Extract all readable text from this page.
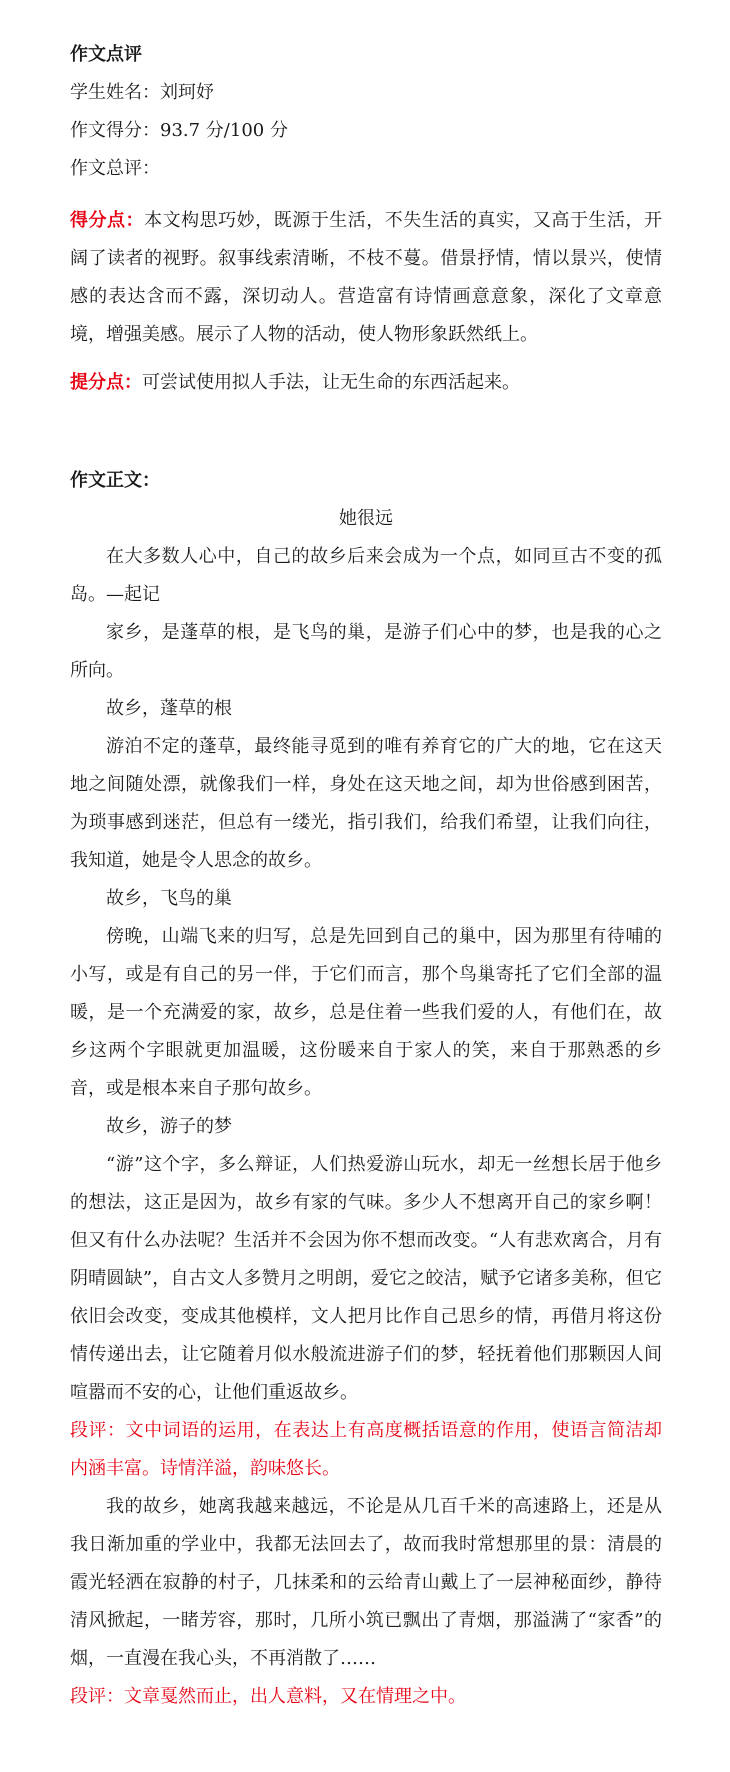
作文点评
学生姓名：刘珂妤
作文得分：93.7 分/100 分
作文总评：

得分点：本文构思巧妙，既源于生活，不失生活的真实，又高于生活，开阔了读者的视野。叙事线索清晰，不枝不蔓。借景抒情，情以景兴，使情感的表达含而不露，深切动人。营造富有诗情画意意象，深化了文章意境，增强美感。展示了人物的活动，使人物形象跃然纸上。

提分点：可尝试使用拟人手法，让无生命的东西活起来。

作文正文：
她很远

在大多数人心中，自己的故乡后来会成为一个点，如同亘古不变的孤岛。—起记

家乡，是蓬草的根，是飞鸟的巢，是游子们心中的梦，也是我的心之所向。

故乡，蓬草的根

游泊不定的蓬草，最终能寻觅到的唯有养育它的广大的地，它在这天地之间随处漂，就像我们一样，身处在这天地之间，却为世俗感到困苦，为琐事感到迷茫，但总有一缕光，指引我们，给我们希望，让我们向往，我知道，她是令人思念的故乡。

故乡，飞鸟的巢

傍晚，山端飞来的归写，总是先回到自己的巢中，因为那里有待哺的小写，或是有自己的另一伴，于它们而言，那个鸟巢寄托了它们全部的温暖，是一个充满爱的家，故乡，总是住着一些我们爱的人，有他们在，故乡这两个字眼就更加温暖，这份暖来自于家人的笑，来自于那熟悉的乡音，或是根本来自子那句故乡。

故乡，游子的梦

“游”这个字，多么辩证，人们热爱游山玩水，却无一丝想长居于他乡的想法，这正是因为，故乡有家的气味。多少人不想离开自己的家乡啊！但又有什么办法呢？生活并不会因为你不想而改变。“人有悲欢离合，月有阴晴圆缺”，自古文人多赞月之明朗，爱它之皎洁，赋予它诸多美称，但它依旧会改变，变成其他模样，文人把月比作自己思乡的情，再借月将这份情传递出去，让它随着月似水般流进游子们的梦，轻抚着他们那颗因人间喧嚣而不安的心，让他们重返故乡。

段评：文中词语的运用，在表达上有高度概括语意的作用，使语言简洁却内涵丰富。诗情洋溢，韵味悠长。

我的故乡，她离我越来越远，不论是从几百千米的高速路上，还是从我日渐加重的学业中，我都无法回去了，故而我时常想那里的景：清晨的霞光轻洒在寂静的村子，几抹柔和的云给青山戴上了一层神秘面纱，静待清风掀起，一睹芳容，那时，几所小筑已飘出了青烟，那溢满了“家香”的烟，一直漫在我心头，不再消散了……

段评：文章戛然而止，出人意料，又在情理之中。
